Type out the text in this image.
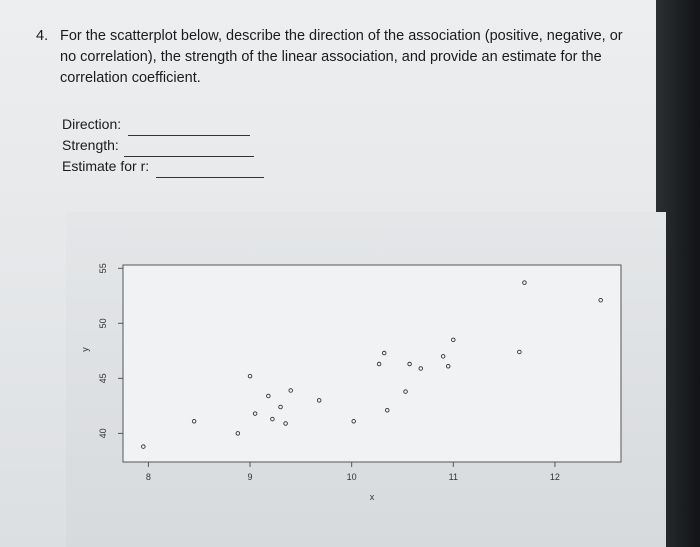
4. For the scatterplot below, describe the direction of the association (positive, negative, or no correlation), the strength of the linear association, and provide an estimate for the correlation coefficient.
Direction:
Strength:
Estimate for r:
8	9	10	11	12
40
45
50
55
x
y
